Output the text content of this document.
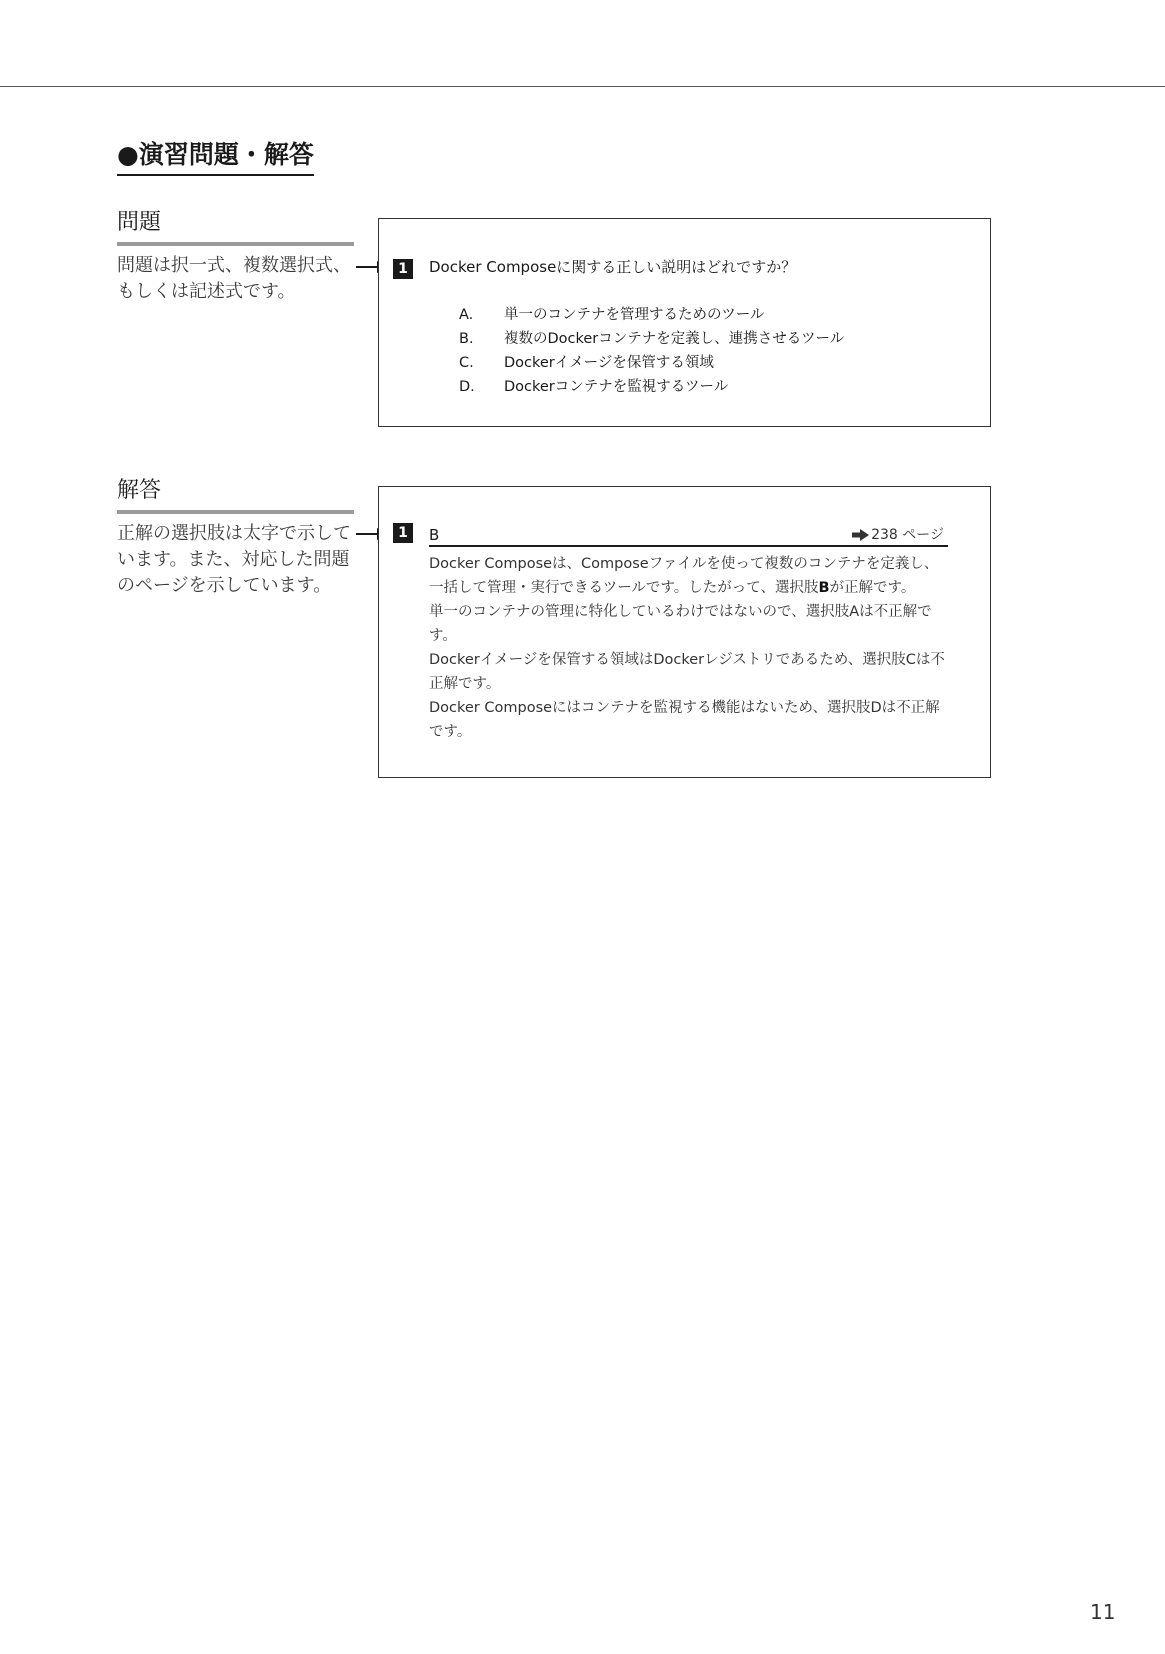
●演習問題・解答
問題
問題は択一式、複数選択式、もしくは記述式です。
1	Docker Composeに関する正しい説明はどれですか？
A. 単一のコンテナを管理するためのツール
B. 複数のDockerコンテナを定義し、連携させるツール
C. Dockerイメージを保管する領域
D. Dockerコンテナを監視するツール
解答
正解の選択肢は太字で示しています。また、対応した問題のページを示しています。
1	B	238 ページ

Docker Composeは、Composeファイルを使って複数のコンテナを定義し、一括して管理・実行できるツールです。したがって、選択肢Bが正解です。

単一のコンテナの管理に特化しているわけではないので、選択肢Aは不正解です。

Dockerイメージを保管する領域はDockerレジストリであるため、選択肢Cは不正解です。

Docker Composeにはコンテナを監視する機能はないため、選択肢Dは不正解です。

11
